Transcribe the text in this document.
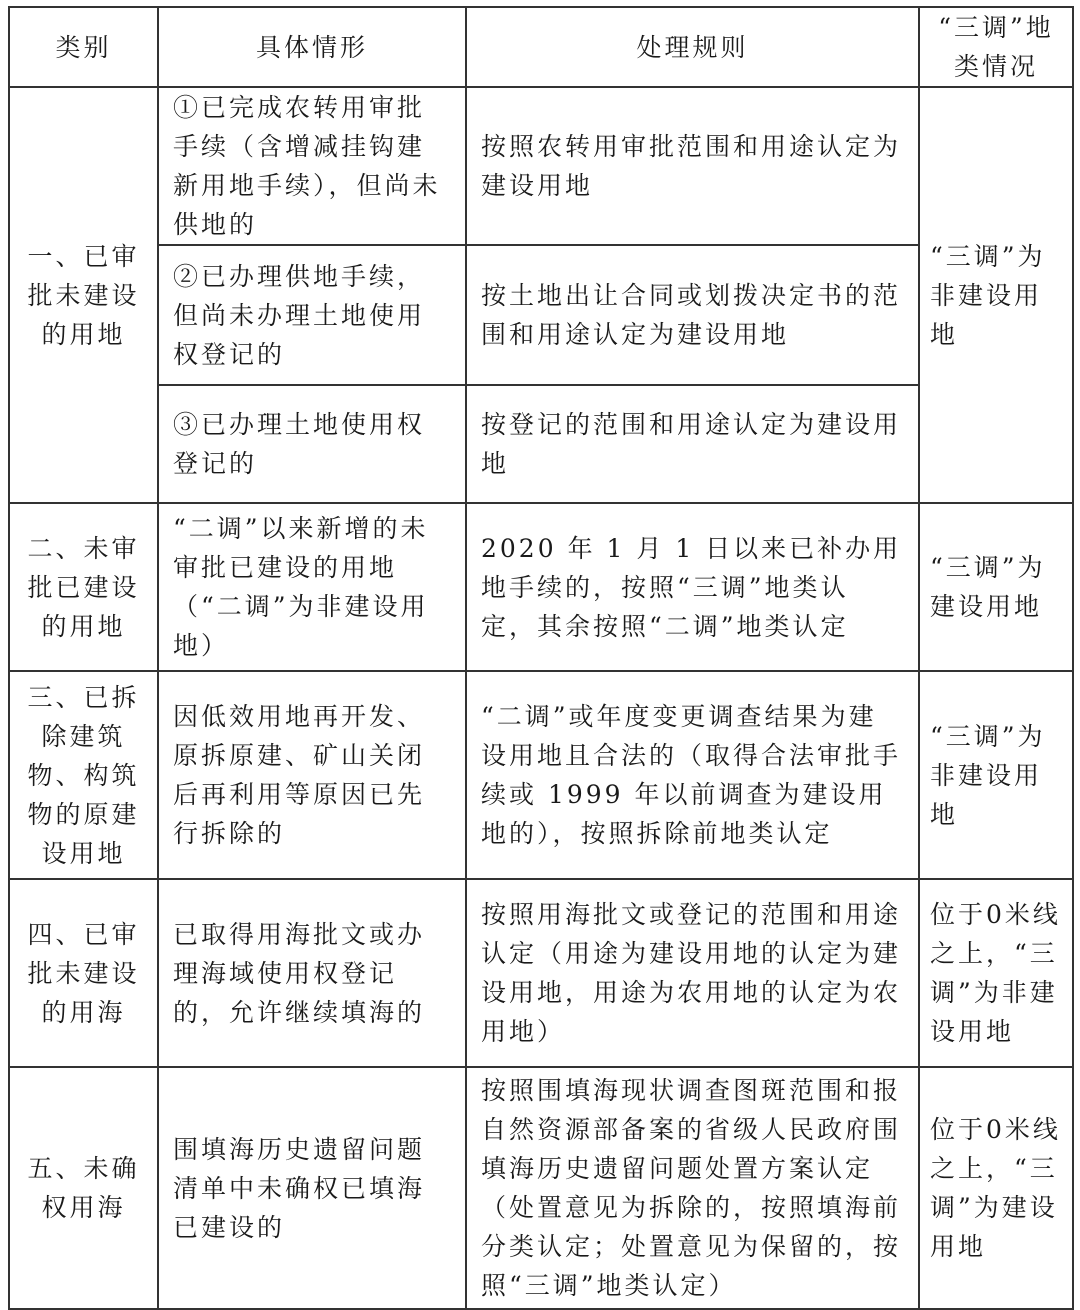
类别	具体情形	处理规则	“三调”地类情况
一、已审批未建设的用地	①已完成农转用审批手续（含增减挂钩建新用地手续），但尚未供地的	按照农转用审批范围和用途认定为建设用地	“三调”为非建设用地
	②已办理供地手续，但尚未办理土地使用权登记的	按土地出让合同或划拨决定书的范围和用途认定为建设用地	
	③已办理土地使用权登记的	按登记的范围和用途认定为建设用地	
二、未审批已建设的用地	“二调”以来新增的未审批已建设的用地（“二调”为非建设用地）	2020 年 1 月 1 日以来已补办用地手续的，按照“三调”地类认定，其余按照“二调”地类认定	“三调”为建设用地
三、已拆除建筑物、构筑物的原建设用地	因低效用地再开发、原拆原建、矿山关闭后再利用等原因已先行拆除的	“二调”或年度变更调查结果为建设用地且合法的（取得合法审批手续或 1999 年以前调查为建设用地的），按照拆除前地类认定	“三调”为非建设用地
四、已审批未建设的用海	已取得用海批文或办理海域使用权登记的，允许继续填海的	按照用海批文或登记的范围和用途认定（用途为建设用地的认定为建设用地，用途为农用地的认定为农用地）	位于0米线之上，“三调”为非建设用地
五、未确权用海	围填海历史遗留问题清单中未确权已填海已建设的	按照围填海现状调查图斑范围和报自然资源部备案的省级人民政府围填海历史遗留问题处置方案认定（处置意见为拆除的，按照填海前分类认定；处置意见为保留的，按照“三调”地类认定）	位于0米线之上，“三调”为建设用地
